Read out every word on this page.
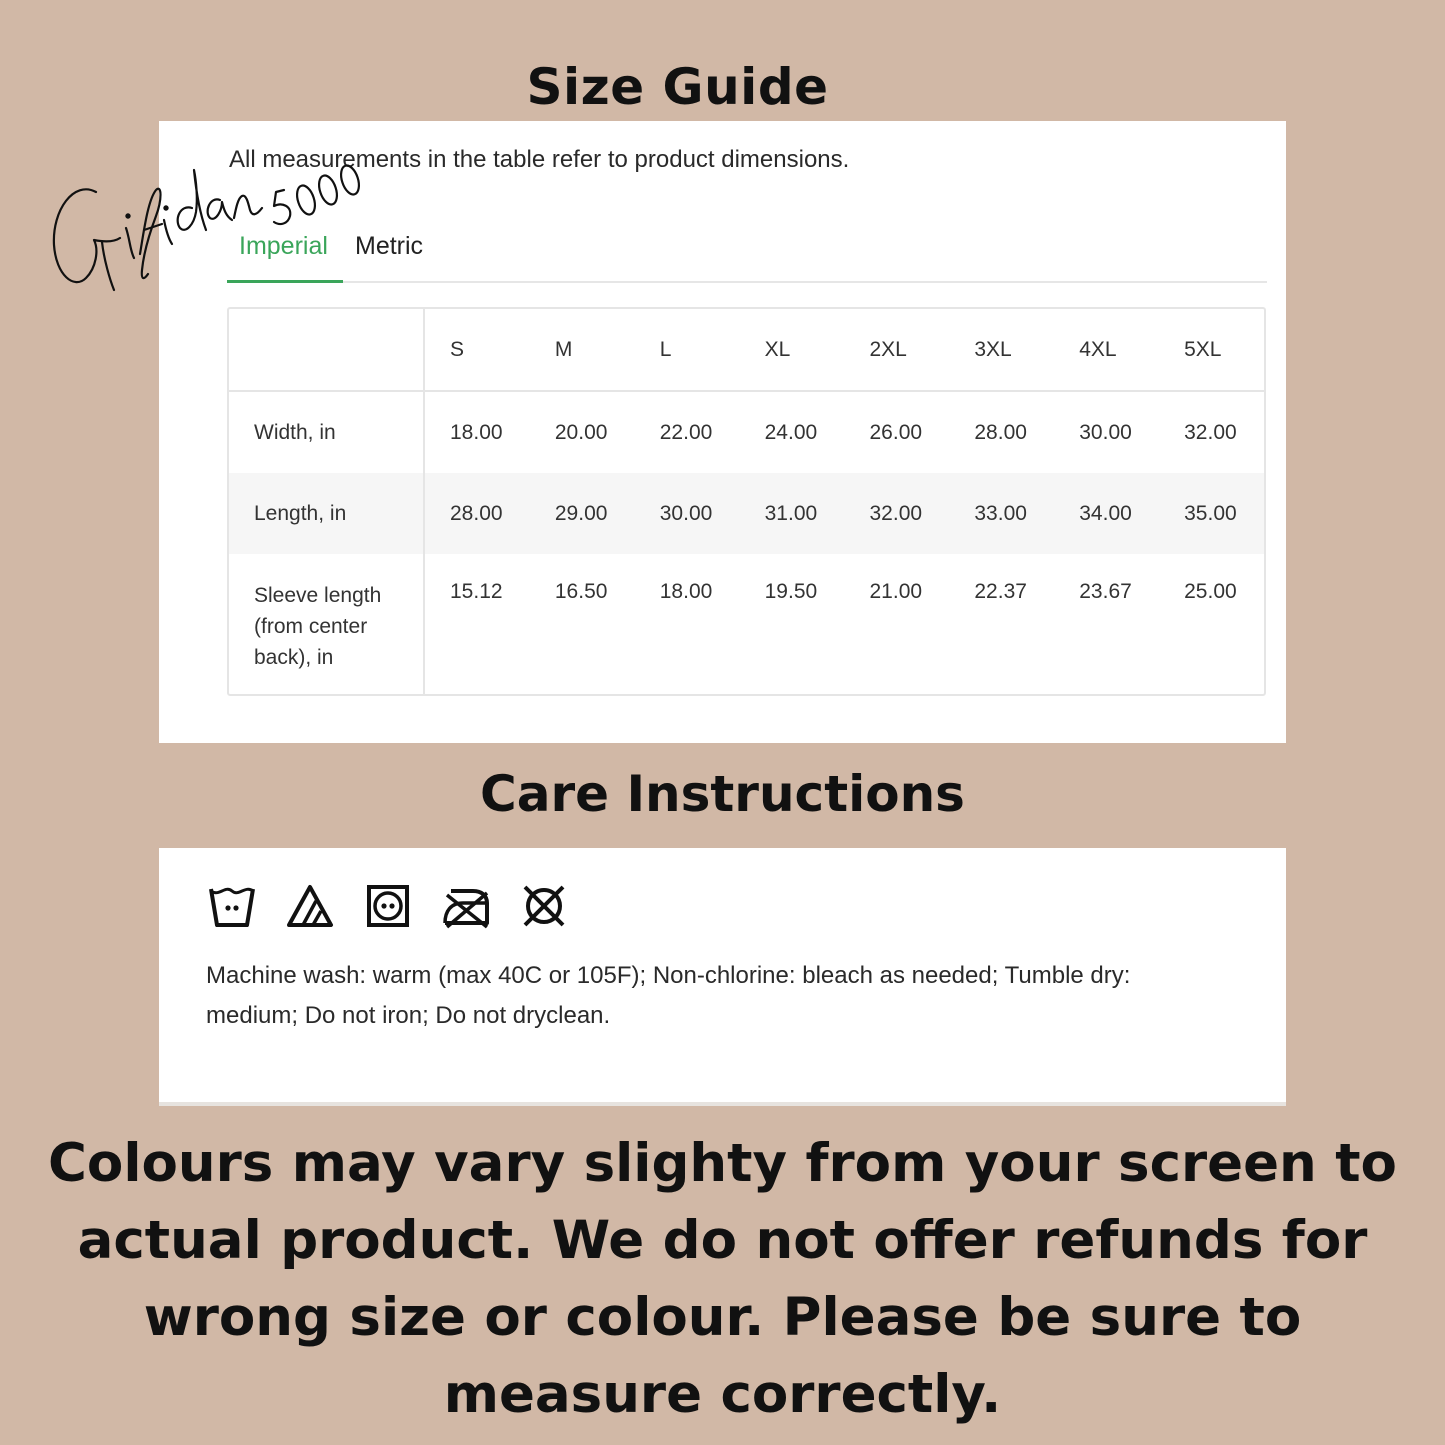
Size Guide
All measurements in the table refer to product dimensions.
Imperial Metric
	S	M	L	XL	2XL	3XL	4XL	5XL
Width, in	18.00	20.00	22.00	24.00	26.00	28.00	30.00	32.00
Length, in	28.00	29.00	30.00	31.00	32.00	33.00	34.00	35.00
Sleeve length (from center back), in	15.12	16.50	18.00	19.50	21.00	22.37	23.67	25.00
Care Instructions
Machine wash: warm (max 40C or 105F); Non-chlorine: bleach as needed; Tumble dry: medium; Do not iron; Do not dryclean.
Colours may vary slighty from your screen to actual product. We do not offer refunds for wrong size or colour. Please be sure to measure correctly.
